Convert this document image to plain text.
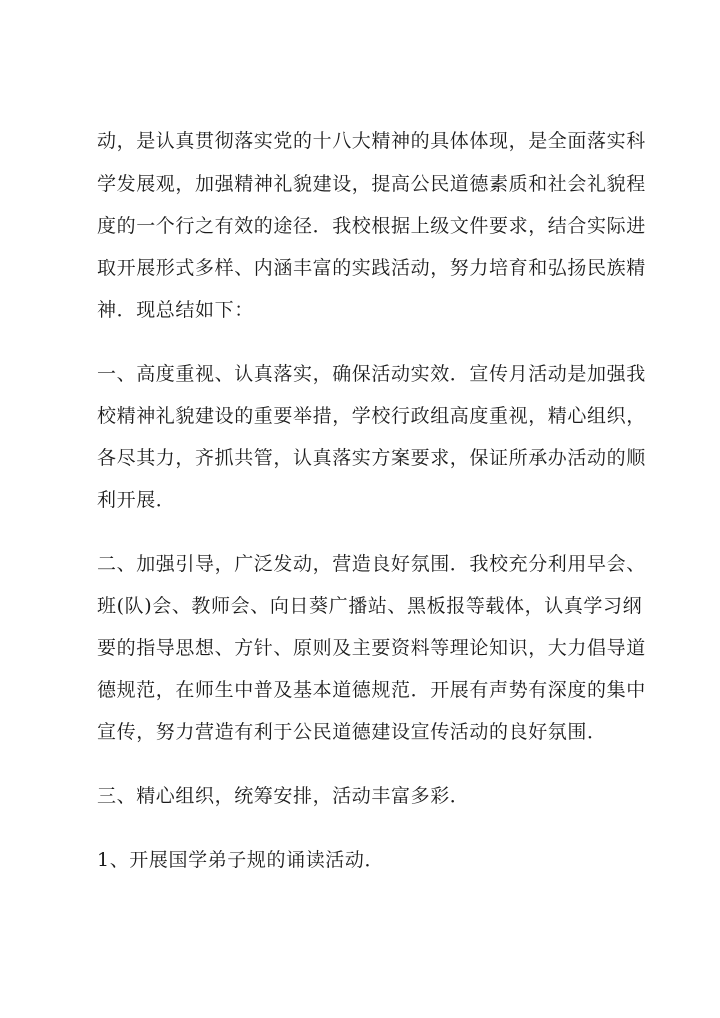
动，是认真贯彻落实党的十八大精神的具体体现，是全面落实科
学发展观，加强精神礼貌建设，提高公民道德素质和社会礼貌程
度的一个行之有效的途径．我校根据上级文件要求，结合实际进
取开展形式多样、内涵丰富的实践活动，努力培育和弘扬民族精
神．现总结如下：
一、高度重视、认真落实，确保活动实效．宣传月活动是加强我
校精神礼貌建设的重要举措，学校行政组高度重视，精心组织，
各尽其力，齐抓共管，认真落实方案要求，保证所承办活动的顺
利开展．
二、加强引导，广泛发动，营造良好氛围．我校充分利用早会、
班(队)会、教师会、向日葵广播站、黑板报等载体，认真学习纲
要的指导思想、方针、原则及主要资料等理论知识，大力倡导道
德规范，在师生中普及基本道德规范．开展有声势有深度的集中
宣传，努力营造有利于公民道德建设宣传活动的良好氛围．
三、精心组织，统筹安排，活动丰富多彩．
1、开展国学弟子规的诵读活动．
